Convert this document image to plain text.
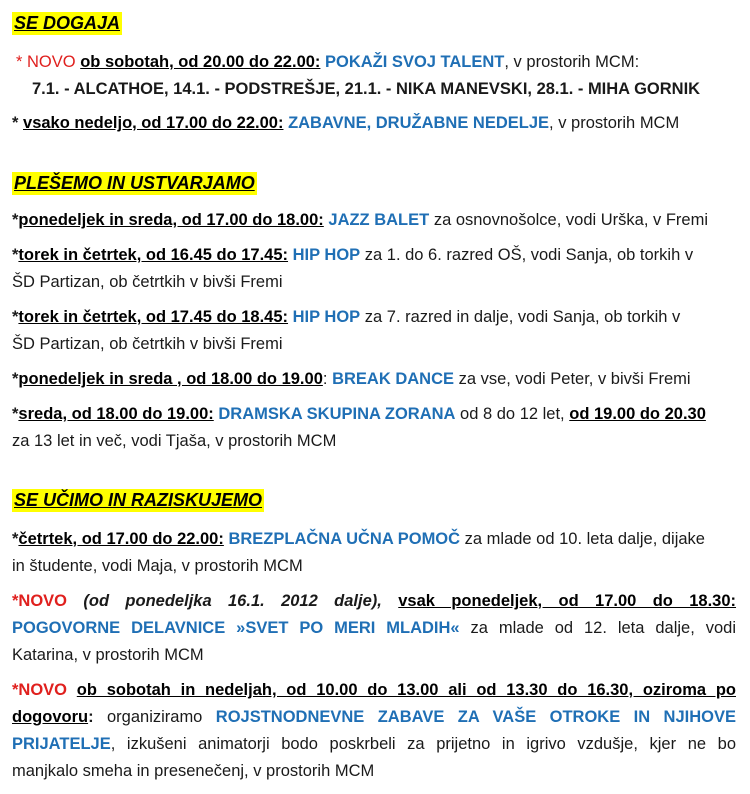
SE DOGAJA
* NOVO ob sobotah, od 20.00 do 22.00: POKAŽI SVOJ TALENT, v prostorih MCM:
7.1. - ALCATHOE, 14.1. - PODSTREŠJE, 21.1. - NIKA MANEVSKI, 28.1. - MIHA GORNIK
* vsako nedeljo, od 17.00 do 22.00: ZABAVNE, DRUŽABNE NEDELJE, v prostorih MCM
PLEŠEMO IN USTVARJAMO
*ponedeljek in sreda, od 17.00 do 18.00: JAZZ BALET za osnovnošolce, vodi Urška, v Fremi
*torek in četrtek, od 16.45 do 17.45: HIP HOP za 1. do 6. razred OŠ, vodi Sanja, ob torkih v
ŠD Partizan, ob četrtkih v bivši Fremi
*torek in četrtek, od 17.45 do 18.45: HIP HOP za 7. razred in dalje, vodi Sanja, ob torkih v
ŠD Partizan, ob četrtkih v bivši Fremi
*ponedeljek in sreda , od 18.00 do 19.00: BREAK DANCE za vse, vodi Peter, v bivši Fremi
*sreda, od 18.00 do 19.00: DRAMSKA SKUPINA ZORANA od 8 do 12 let, od 19.00 do 20.30
za 13 let in več, vodi Tjaša, v prostorih MCM
SE UČIMO IN RAZISKUJEMO
*četrtek, od 17.00 do 22.00: BREZPLAČNA UČNA POMOČ za mlade od 10. leta dalje, dijake
in študente, vodi Maja, v prostorih MCM
*NOVO (od ponedeljka 16.1. 2012 dalje), vsak ponedeljek, od 17.00 do 18.30:
POGOVORNE DELAVNICE »SVET PO MERI MLADIH« za mlade od 12. leta dalje, vodi
Katarina, v prostorih MCM
*NOVO ob sobotah in nedeljah, od 10.00 do 13.00 ali od 13.30 do 16.30, oziroma po
dogovoru: organiziramo ROJSTNODNEVNE ZABAVE ZA VAŠE OTROKE IN NJIHOVE
PRIJATELJE, izkušeni animatorji bodo poskrbeli za prijetno in igrivo vzdušje, kjer ne bo
manjkalo smeha in presenečenj, v prostorih MCM
